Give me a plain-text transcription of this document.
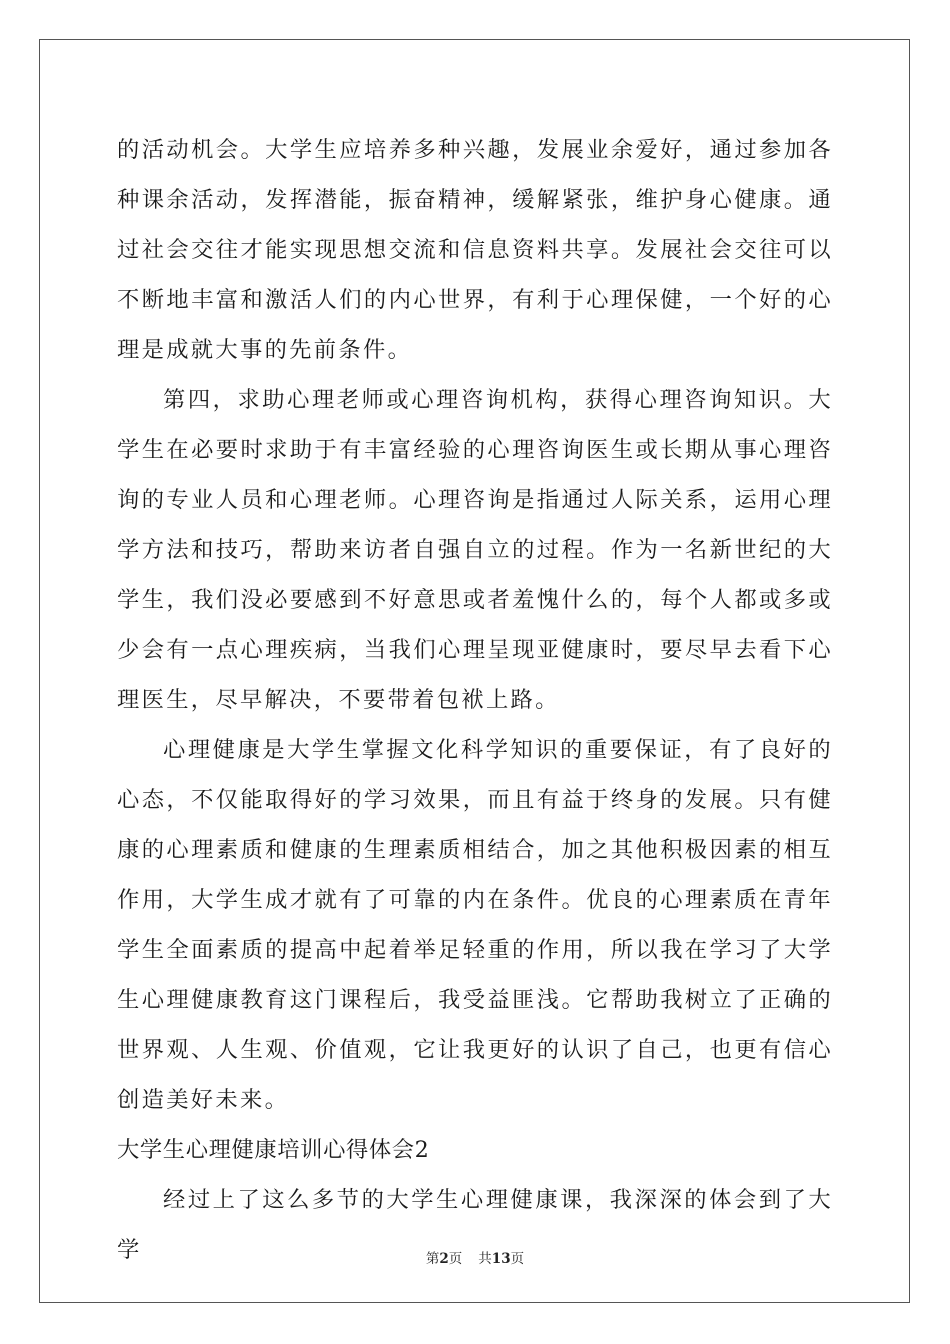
的活动机会。大学生应培养多种兴趣，发展业余爱好，通过参加各种课余活动，发挥潜能，振奋精神，缓解紧张，维护身心健康。通过社会交往才能实现思想交流和信息资料共享。发展社会交往可以不断地丰富和激活人们的内心世界，有利于心理保健，一个好的心理是成就大事的先前条件。

第四，求助心理老师或心理咨询机构，获得心理咨询知识。大学生在必要时求助于有丰富经验的心理咨询医生或长期从事心理咨询的专业人员和心理老师。心理咨询是指通过人际关系，运用心理学方法和技巧，帮助来访者自强自立的过程。作为一名新世纪的大学生，我们没必要感到不好意思或者羞愧什么的，每个人都或多或少会有一点心理疾病，当我们心理呈现亚健康时，要尽早去看下心理医生，尽早解决，不要带着包袱上路。

心理健康是大学生掌握文化科学知识的重要保证，有了良好的心态，不仅能取得好的学习效果，而且有益于终身的发展。只有健康的心理素质和健康的生理素质相结合，加之其他积极因素的相互作用，大学生成才就有了可靠的内在条件。优良的心理素质在青年学生全面素质的提高中起着举足轻重的作用，所以我在学习了大学生心理健康教育这门课程后，我受益匪浅。它帮助我树立了正确的世界观、人生观、价值观，它让我更好的认识了自己，也更有信心创造美好未来。

大学生心理健康培训心得体会2

经过上了这么多节的大学生心理健康课，我深深的体会到了大学	第2页 共13页
